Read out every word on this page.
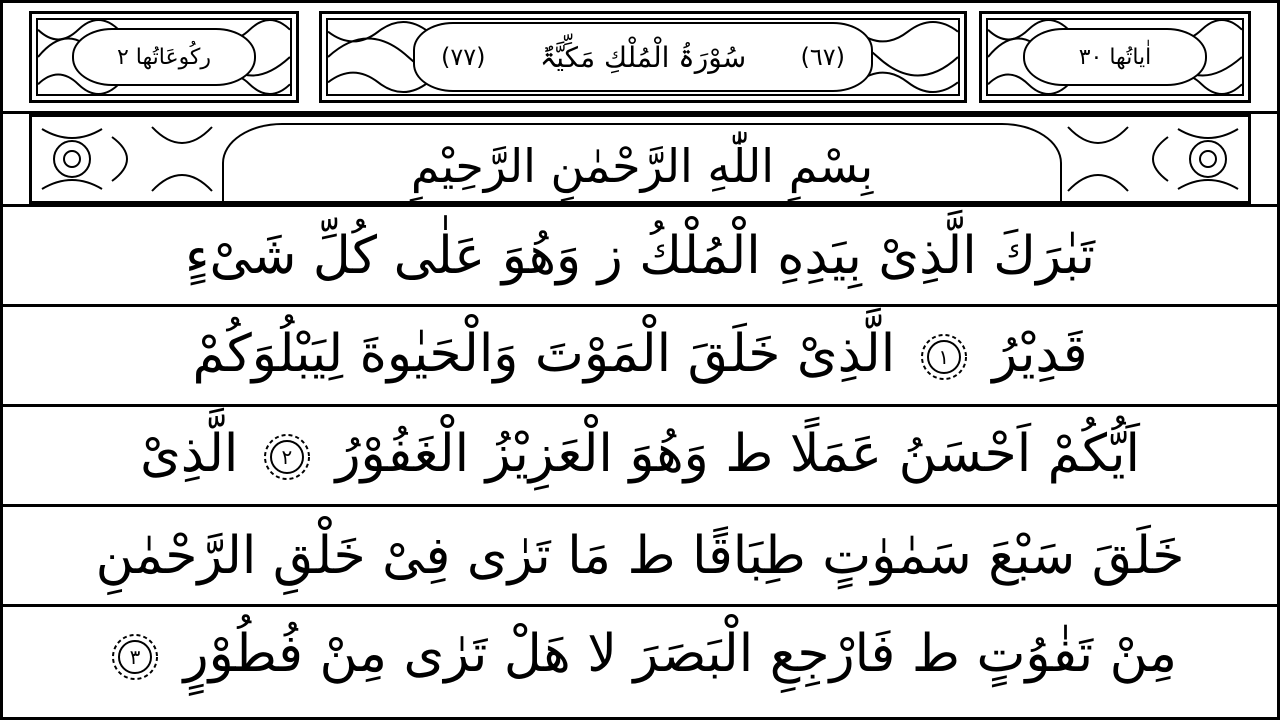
رکُوعَاتُها ٢	(٧٧) سُوْرَۃُ الْمُلْكِ مَکِّیَّۃٌ (٦٧)	اٰیاتُها ٣٠
بِسْمِ اللّٰهِ الرَّحْمٰنِ الرَّحِیْمِ
تَبٰرَكَ الَّذِیْ بِیَدِهِ الْمُلْكُ ز وَهُوَ عَلٰی كُلِّ شَیْءٍ
قَدِیْرُ
١
الَّذِیْ خَلَقَ الْمَوْتَ وَالْحَیٰوةَ لِیَبْلُوَكُمْ
اَیُّكُمْ اَحْسَنُ عَمَلًا ط وَهُوَ الْعَزِیْزُ الْغَفُوْرُ
٢
الَّذِیْ
خَلَقَ سَبْعَ سَمٰوٰتٍ طِبَاقًا ط مَا تَرٰی فِیْ خَلْقِ الرَّحْمٰنِ
مِنْ تَفٰوُتٍ ط فَارْجِعِ الْبَصَرَ لا هَلْ تَرٰی مِنْ فُطُوْرٍ
٣
